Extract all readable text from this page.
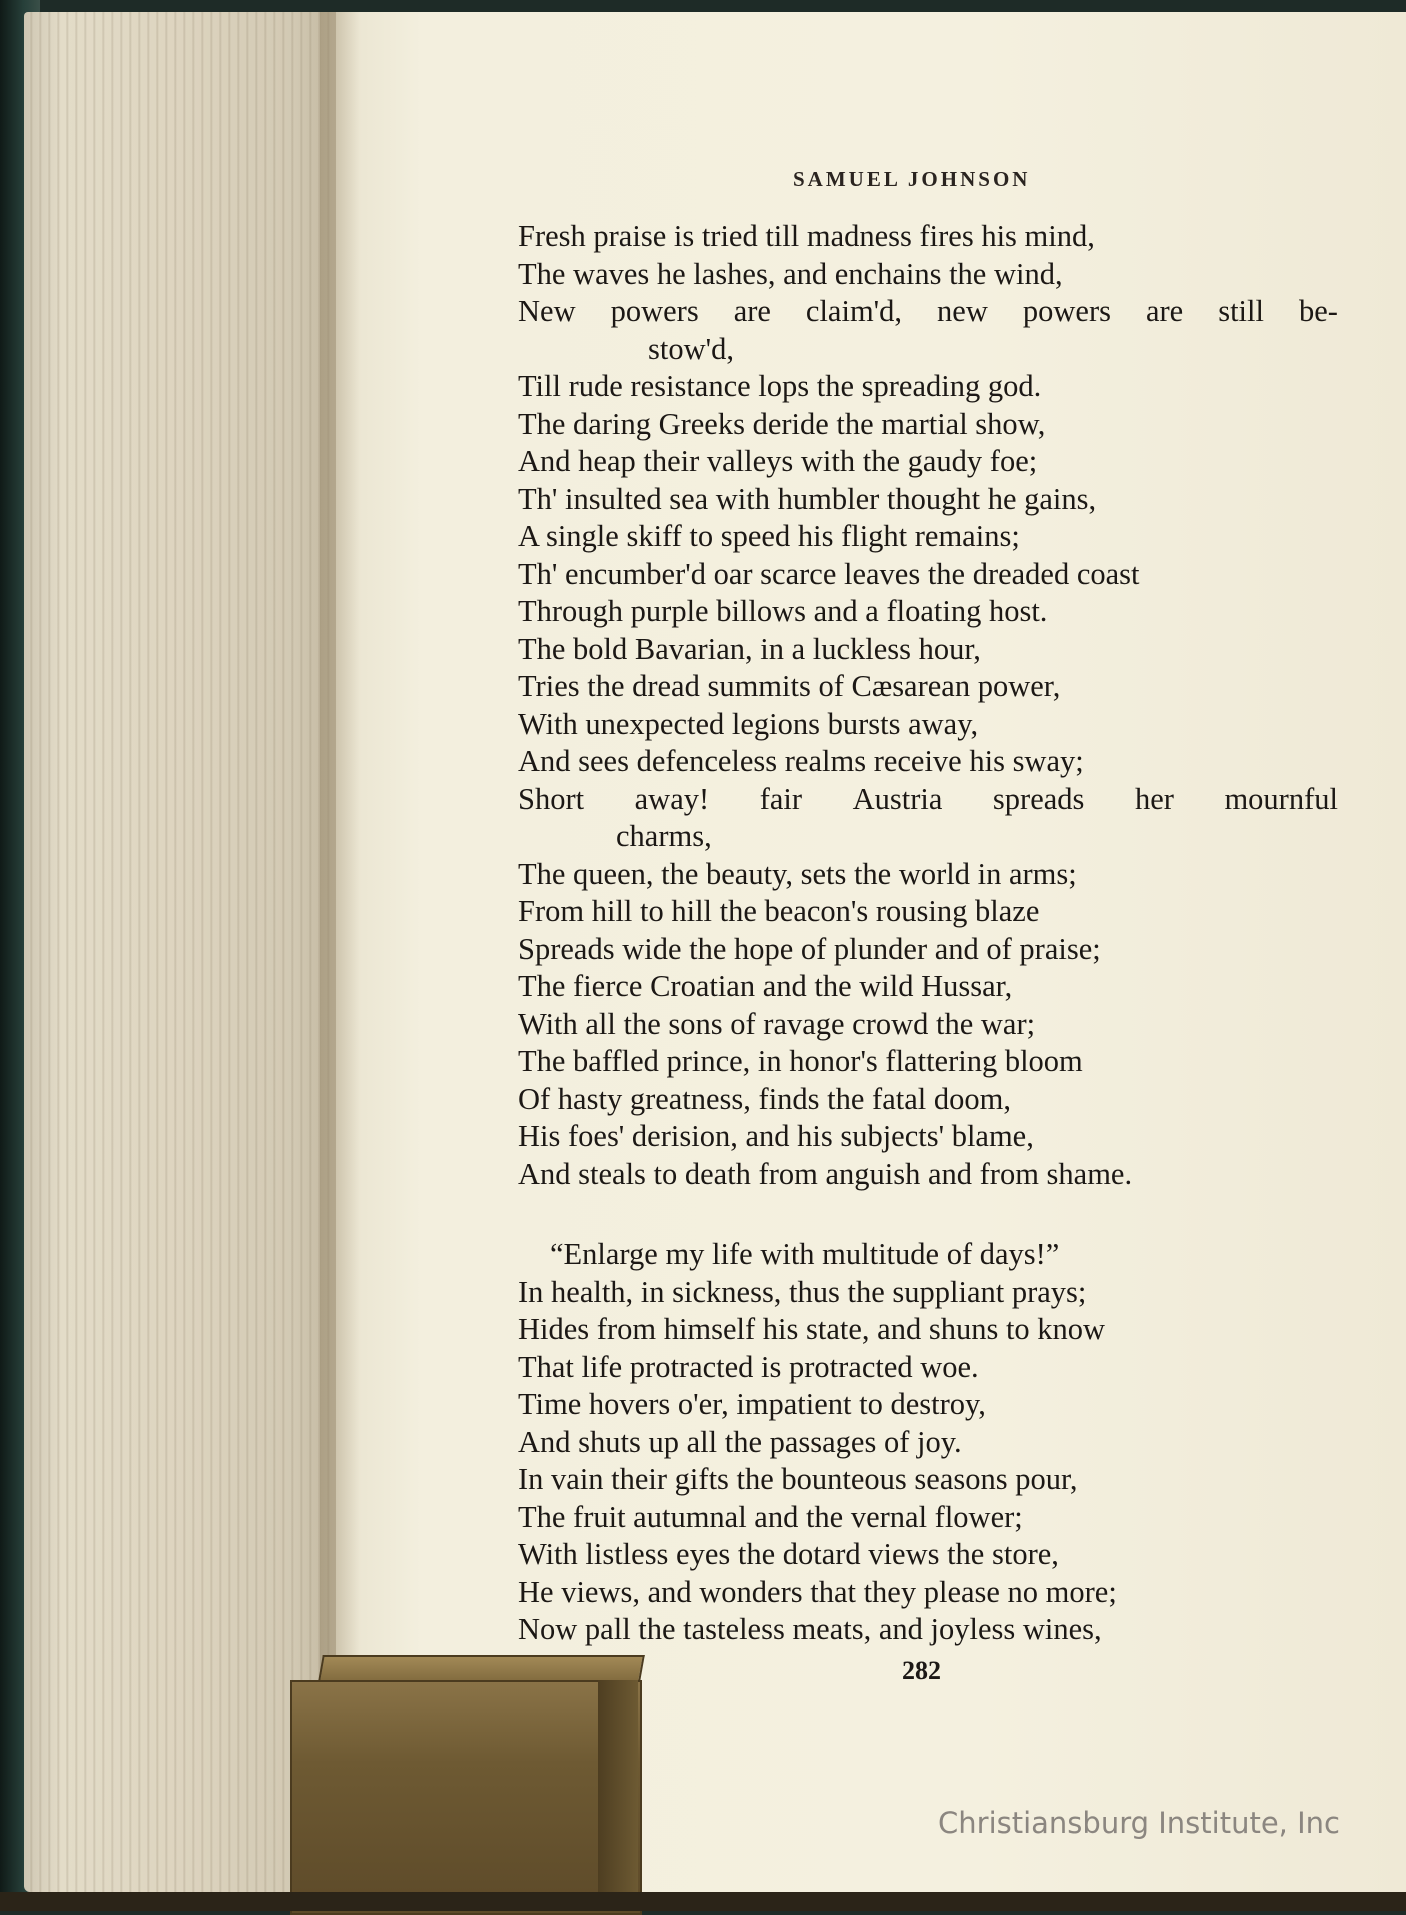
SAMUEL JOHNSON
Fresh praise is tried till madness fires his mind,
The waves he lashes, and enchains the wind,
New powers are claim'd, new powers are still be-
stow'd,
Till rude resistance lops the spreading god.
The daring Greeks deride the martial show,
And heap their valleys with the gaudy foe;
Th' insulted sea with humbler thought he gains,
A single skiff to speed his flight remains;
Th' encumber'd oar scarce leaves the dreaded coast
Through purple billows and a floating host.
The bold Bavarian, in a luckless hour,
Tries the dread summits of Cæsarean power,
With unexpected legions bursts away,
And sees defenceless realms receive his sway;
Short away! fair Austria spreads her mournful
charms,
The queen, the beauty, sets the world in arms;
From hill to hill the beacon's rousing blaze
Spreads wide the hope of plunder and of praise;
The fierce Croatian and the wild Hussar,
With all the sons of ravage crowd the war;
The baffled prince, in honor's flattering bloom
Of hasty greatness, finds the fatal doom,
His foes' derision, and his subjects' blame,
And steals to death from anguish and from shame.
“Enlarge my life with multitude of days!”
In health, in sickness, thus the suppliant prays;
Hides from himself his state, and shuns to know
That life protracted is protracted woe.
Time hovers o'er, impatient to destroy,
And shuts up all the passages of joy.
In vain their gifts the bounteous seasons pour,
The fruit autumnal and the vernal flower;
With listless eyes the dotard views the store,
He views, and wonders that they please no more;
Now pall the tasteless meats, and joyless wines,
282
Christiansburg Institute, Inc
